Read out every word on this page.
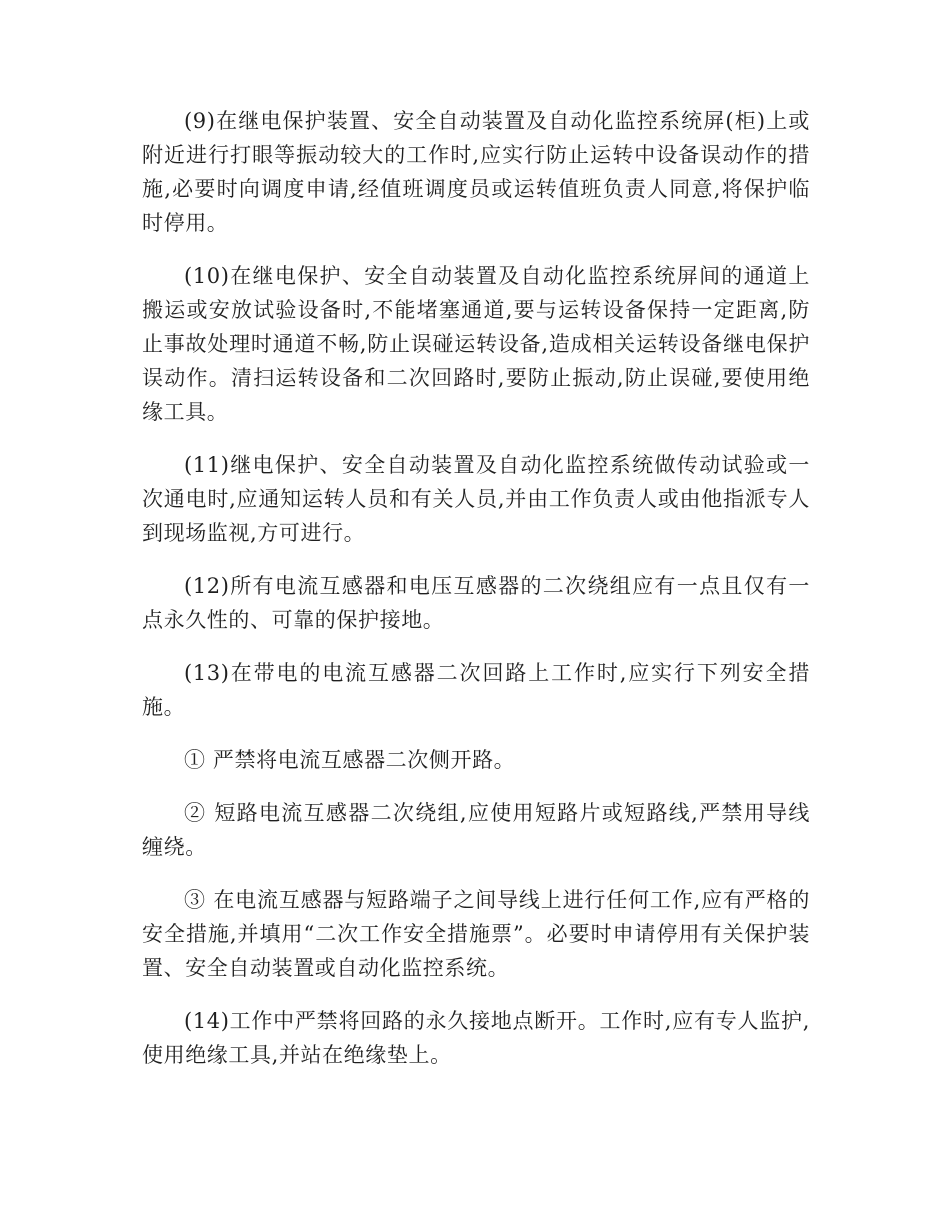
(9)在继电保护装置、安全自动装置及自动化监控系统屏(柜)上或附近进行打眼等振动较大的工作时,应实行防止运转中设备误动作的措施,必要时向调度申请,经值班调度员或运转值班负责人同意,将保护临时停用。

(10)在继电保护、安全自动装置及自动化监控系统屏间的通道上搬运或安放试验设备时,不能堵塞通道,要与运转设备保持一定距离,防止事故处理时通道不畅,防止误碰运转设备,造成相关运转设备继电保护误动作。清扫运转设备和二次回路时,要防止振动,防止误碰,要使用绝缘工具。

(11)继电保护、安全自动装置及自动化监控系统做传动试验或一次通电时,应通知运转人员和有关人员,并由工作负责人或由他指派专人到现场监视,方可进行。

(12)所有电流互感器和电压互感器的二次绕组应有一点且仅有一点永久性的、可靠的保护接地。

(13)在带电的电流互感器二次回路上工作时,应实行下列安全措施。

① 严禁将电流互感器二次侧开路。

② 短路电流互感器二次绕组,应使用短路片或短路线,严禁用导线缠绕。

③ 在电流互感器与短路端子之间导线上进行任何工作,应有严格的安全措施,并填用“二次工作安全措施票”。必要时申请停用有关保护装置、安全自动装置或自动化监控系统。

(14)工作中严禁将回路的永久接地点断开。工作时,应有专人监护,使用绝缘工具,并站在绝缘垫上。
